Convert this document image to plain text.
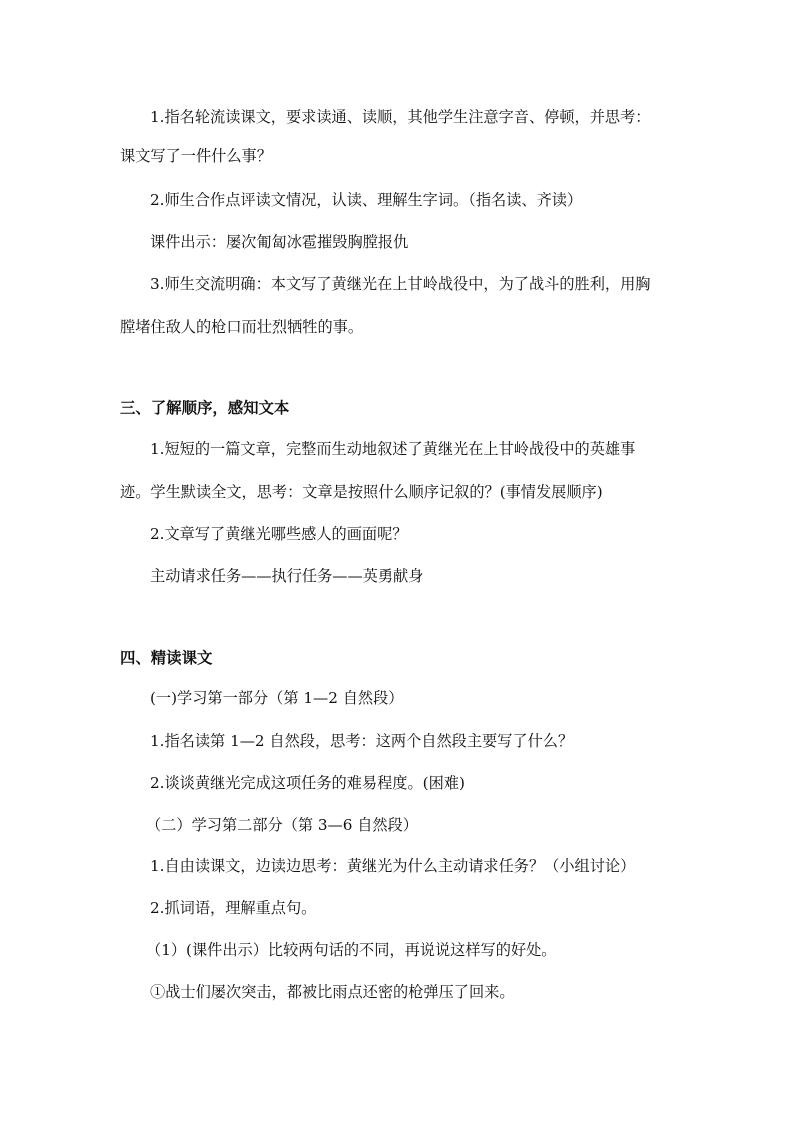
1.指名轮流读课文，要求读通、读顺，其他学生注意字音、停顿，并思考：
课文写了一件什么事？
2.师生合作点评读文情况，认读、理解生字词。（指名读、齐读）
课件出示：屡次匍匐冰雹摧毁胸膛报仇
3.师生交流明确：本文写了黄继光在上甘岭战役中，为了战斗的胜利，用胸
膛堵住敌人的枪口而壮烈牺牲的事。
三、了解顺序，感知文本
1.短短的一篇文章，完整而生动地叙述了黄继光在上甘岭战役中的英雄事
迹。学生默读全文，思考：文章是按照什么顺序记叙的？(事情发展顺序)
2.文章写了黄继光哪些感人的画面呢？
主动请求任务——执行任务——英勇献身
四、精读课文
(一)学习第一部分（第 1—2 自然段）
1.指名读第 1—2 自然段，思考：这两个自然段主要写了什么？
2.谈谈黄继光完成这项任务的难易程度。(困难)
（二）学习第二部分（第 3—6 自然段）
1.自由读课文，边读边思考：黄继光为什么主动请求任务？（小组讨论）
2.抓词语，理解重点句。
（1）(课件出示）比较两句话的不同，再说说这样写的好处。
①战士们屡次突击，都被比雨点还密的枪弹压了回来。
